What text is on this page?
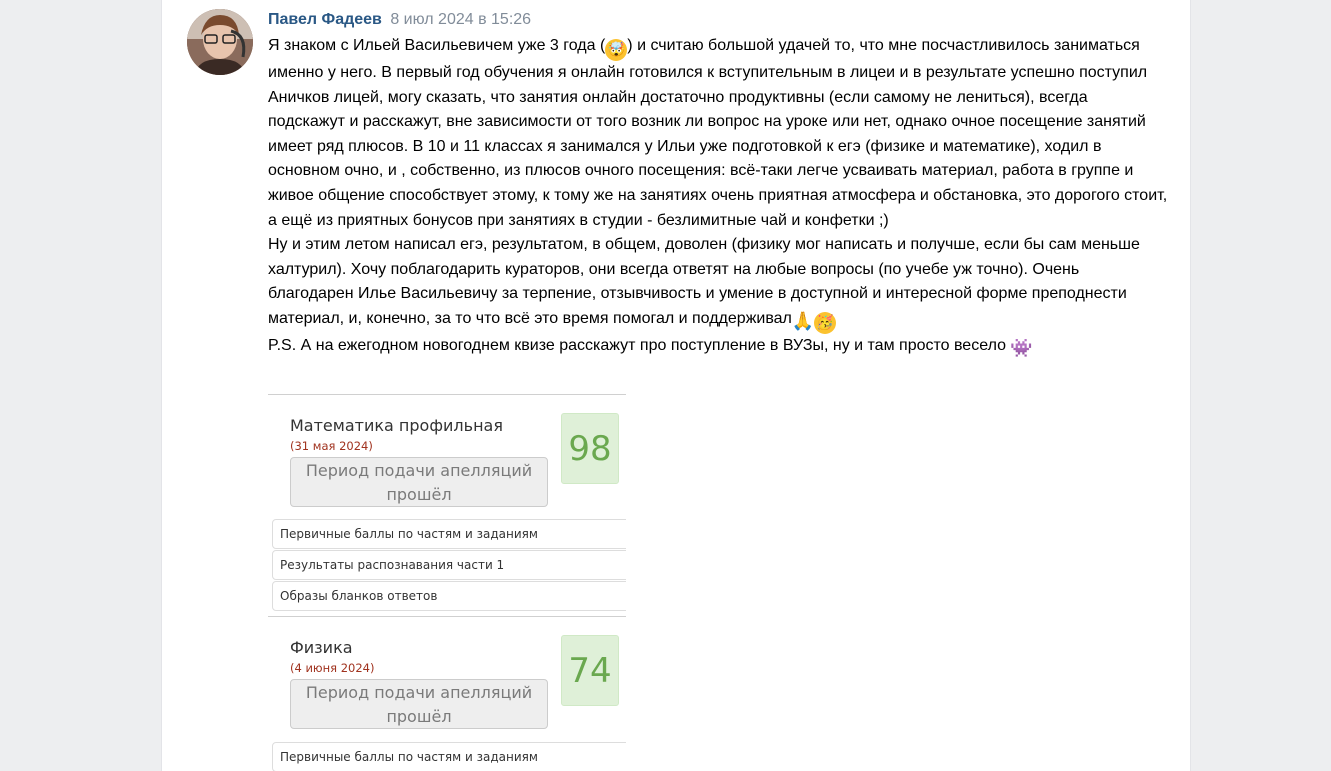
Павел Фадеев 8 июл 2024 в 15:26

Я знаком с Ильей Васильевичем уже 3 года ( 🤯 ) и считаю большой удачей то, что мне посчастливилось заниматься именно у него. В первый год обучения я онлайн готовился к вступительным в лицеи и в результате успешно поступил Аничков лицей, могу сказать, что занятия онлайн достаточно продуктивны (если самому не лениться), всегда подскажут и расскажут, вне зависимости от того возник ли вопрос на уроке или нет, однако очное посещение занятий имеет ряд плюсов. В 10 и 11 классах я занимался у Ильи уже подготовкой к егэ (физике и математике), ходил в основном очно, и , собственно, из плюсов очного посещения: всё-таки легче усваивать материал, работа в группе и живое общение способствует этому, к тому же на занятиях очень приятная атмосфера и обстановка, это дорогого стоит, а ещё из приятных бонусов при занятиях в студии - безлимитные чай и конфетки ;)

Ну и этим летом написал егэ, результатом, в общем, доволен (физику мог написать и получше, если бы сам меньше халтурил). Хочу поблагодарить кураторов, они всегда ответят на любые вопросы (по учебе уж точно). Очень благодарен Илье Васильевичу за терпение, отзывчивость и умение в доступной и интересной форме преподнести материал, и, конечно, за то что всё это время помогал и поддерживал🙏 🥳

P.S. А на ежегодном новогоднем квизе расскажут про поступление в ВУЗы, ну и там просто весело 👾

Математика профильная
(31 мая 2024)
Период подачи апелляций
прошёл
98
Первичные баллы по частям и заданиям
Результаты распознавания части 1
Образы бланков ответов
Физика
(4 июня 2024)
Период подачи апелляций
прошёл
74
Первичные баллы по частям и заданиям
